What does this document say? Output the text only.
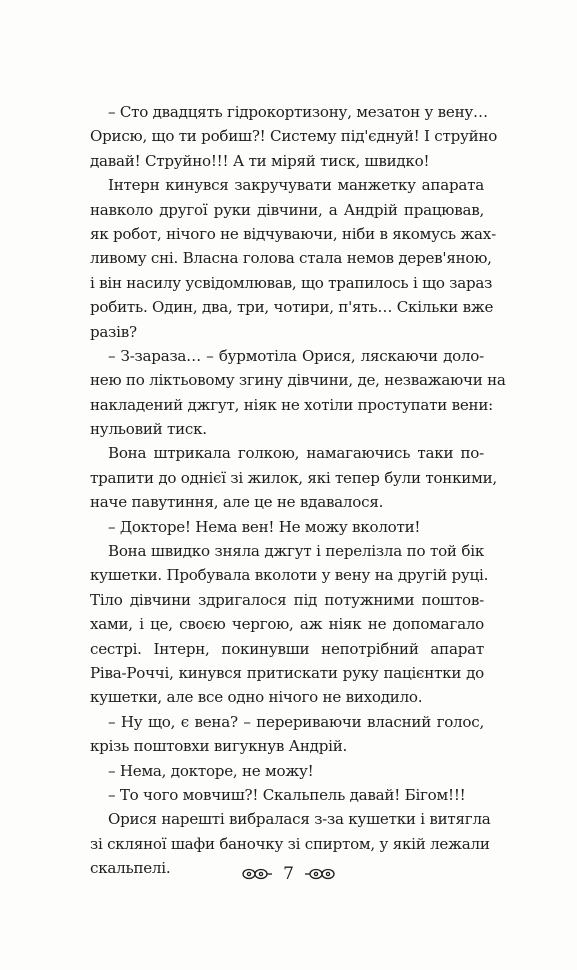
– Сто двадцять гідрокортизону, мезатон у вену…
Орисю, що ти робиш?! Систему під'єднуй! І струйно
давай! Струйно!!! А ти міряй тиск, швидко!
Інтерн кинувся закручувати манжетку апарата
навколо другої руки дівчини, а Андрій працював,
як робот, нічого не відчуваючи, ніби в якомусь жах-
ливому сні. Власна голова стала немов дерев'яною,
і він насилу усвідомлював, що трапилось і що зараз
робить. Один, два, три, чотири, п'ять… Скільки вже
разів?
– З-зараза… – бурмотіла Орися, ляскаючи доло-
нею по ліктьовому згину дівчини, де, незважаючи на
накладений джгут, ніяк не хотіли проступати вени:
нульовий тиск.
Вона штрикала голкою, намагаючись таки по-
трапити до однієї зі жилок, які тепер були тонкими,
наче павутиння, але це не вдавалося.
– Докторе! Нема вен! Не можу вколоти!
Вона швидко зняла джгут і перелізла по той бік
кушетки. Пробувала вколоти у вену на другій руці.
Тіло дівчини здригалося під потужними поштов-
хами, і це, своєю чергою, аж ніяк не допомагало
сестрі. Інтерн, покинувши непотрібний апарат
Ріва-Роччі, кинувся притискати руку пацієнтки до
кушетки, але все одно нічого не виходило.
– Ну що, є вена? – перериваючи власний голос,
крізь поштовхи вигукнув Андрій.
– Нема, докторе, не можу!
– То чого мовчиш?! Скальпель давай! Бігом!!!
Орися нарешті вибралася з-за кушетки і витягла
зі скляної шафи баночку зі спиртом, у якій лежали
скальпелі.	7
